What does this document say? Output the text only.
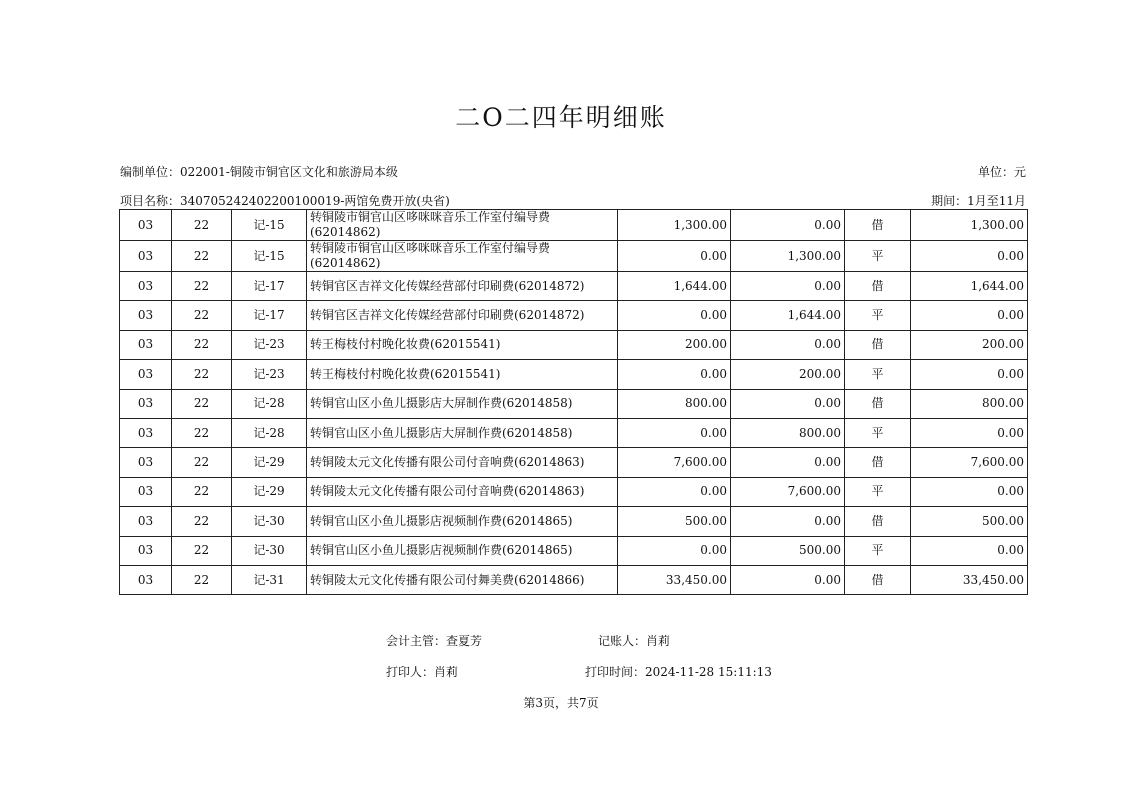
二O二四年明细账
编制单位：022001-铜陵市铜官区文化和旅游局本级	单位：元
项目名称：34070524240220010001​9-两馆免费开放(央省)	期间：1月至11月
03	22	记-15	转铜陵市铜官山区哆咪咪音乐工作室付编导费(62014862)	1,300.00	0.00	借	1,300.00
03	22	记-15	转铜陵市铜官山区哆咪咪音乐工作室付编导费(62014862)	0.00	1,300.00	平	0.00
03	22	记-17	转铜官区吉祥文化传媒经营部付印刷费(62014872)	1,644.00	0.00	借	1,644.00
03	22	记-17	转铜官区吉祥文化传媒经营部付印刷费(62014872)	0.00	1,644.00	平	0.00
03	22	记-23	转王梅枝付村晚化妆费(62015541)	200.00	0.00	借	200.00
03	22	记-23	转王梅枝付村晚化妆费(62015541)	0.00	200.00	平	0.00
03	22	记-28	转铜官山区小鱼儿摄影店大屏制作费(62014858)	800.00	0.00	借	800.00
03	22	记-28	转铜官山区小鱼儿摄影店大屏制作费(62014858)	0.00	800.00	平	0.00
03	22	记-29	转铜陵太元文化传播有限公司付音响费(62014863)	7,600.00	0.00	借	7,600.00
03	22	记-29	转铜陵太元文化传播有限公司付音响费(62014863)	0.00	7,600.00	平	0.00
03	22	记-30	转铜官山区小鱼儿摄影店视频制作费(62014865)	500.00	0.00	借	500.00
03	22	记-30	转铜官山区小鱼儿摄影店视频制作费(62014865)	0.00	500.00	平	0.00
03	22	记-31	转铜陵太元文化传播有限公司付舞美费(62014866)	33,450.00	0.00	借	33,450.00
会计主管：查夏芳	记账人：肖莉
打印人：肖莉	打印时间：2024-11-28 15:11:13
第3页，共7页
